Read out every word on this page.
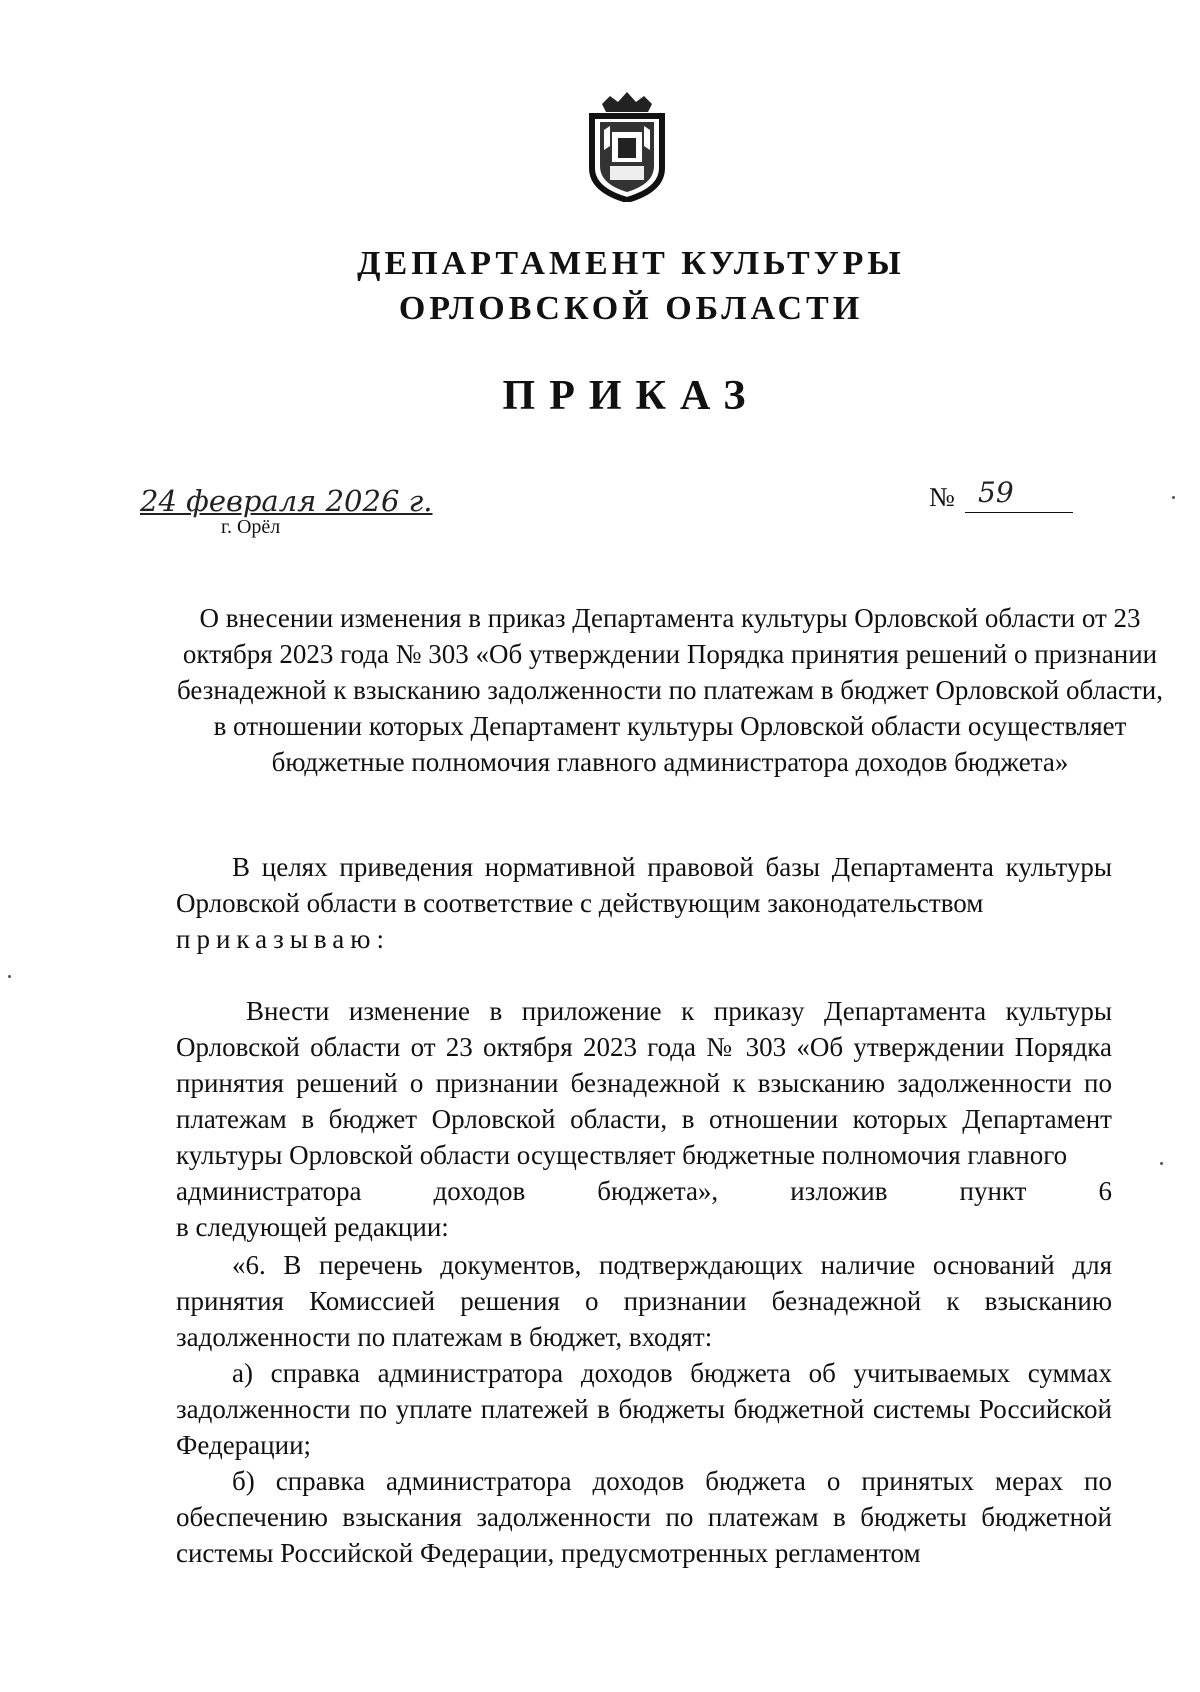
ДЕПАРТАМЕНТ КУЛЬТУРЫ
ОРЛОВСКОЙ ОБЛАСТИ
ПРИКАЗ
24 февраля 2026 г.
г. Орёл
№ 59
О внесении изменения в приказ Департамента культуры Орловской области от 23 октября 2023 года № 303 «Об утверждении Порядка принятия решений о признании безнадежной к взысканию задолженности по платежам в бюджет Орловской области, в отношении которых Департамент культуры Орловской области осуществляет бюджетные полномочия главного администратора доходов бюджета»
В целях приведения нормативной правовой базы Департамента культуры Орловской области в соответствие с действующим законодательством
приказываю:
Внести изменение в приложение к приказу Департамента культуры Орловской области от 23 октября 2023 года № 303 «Об утверждении Порядка принятия решений о признании безнадежной к взысканию задолженности по платежам в бюджет Орловской области, в отношении которых Департамент культуры Орловской области осуществляет бюджетные полномочия главного
администратора	доходов	бюджета»,	изложив	пункт	6
в следующей редакции:
«6. В перечень документов, подтверждающих наличие оснований для принятия Комиссией решения о признании безнадежной к взысканию задолженности по платежам в бюджет, входят:
а) справка администратора доходов бюджета об учитываемых суммах задолженности по уплате платежей в бюджеты бюджетной системы Российской Федерации;
б) справка администратора доходов бюджета о принятых мерах по обеспечению взыскания задолженности по платежам в бюджеты бюджетной системы Российской Федерации, предусмотренных регламентом
